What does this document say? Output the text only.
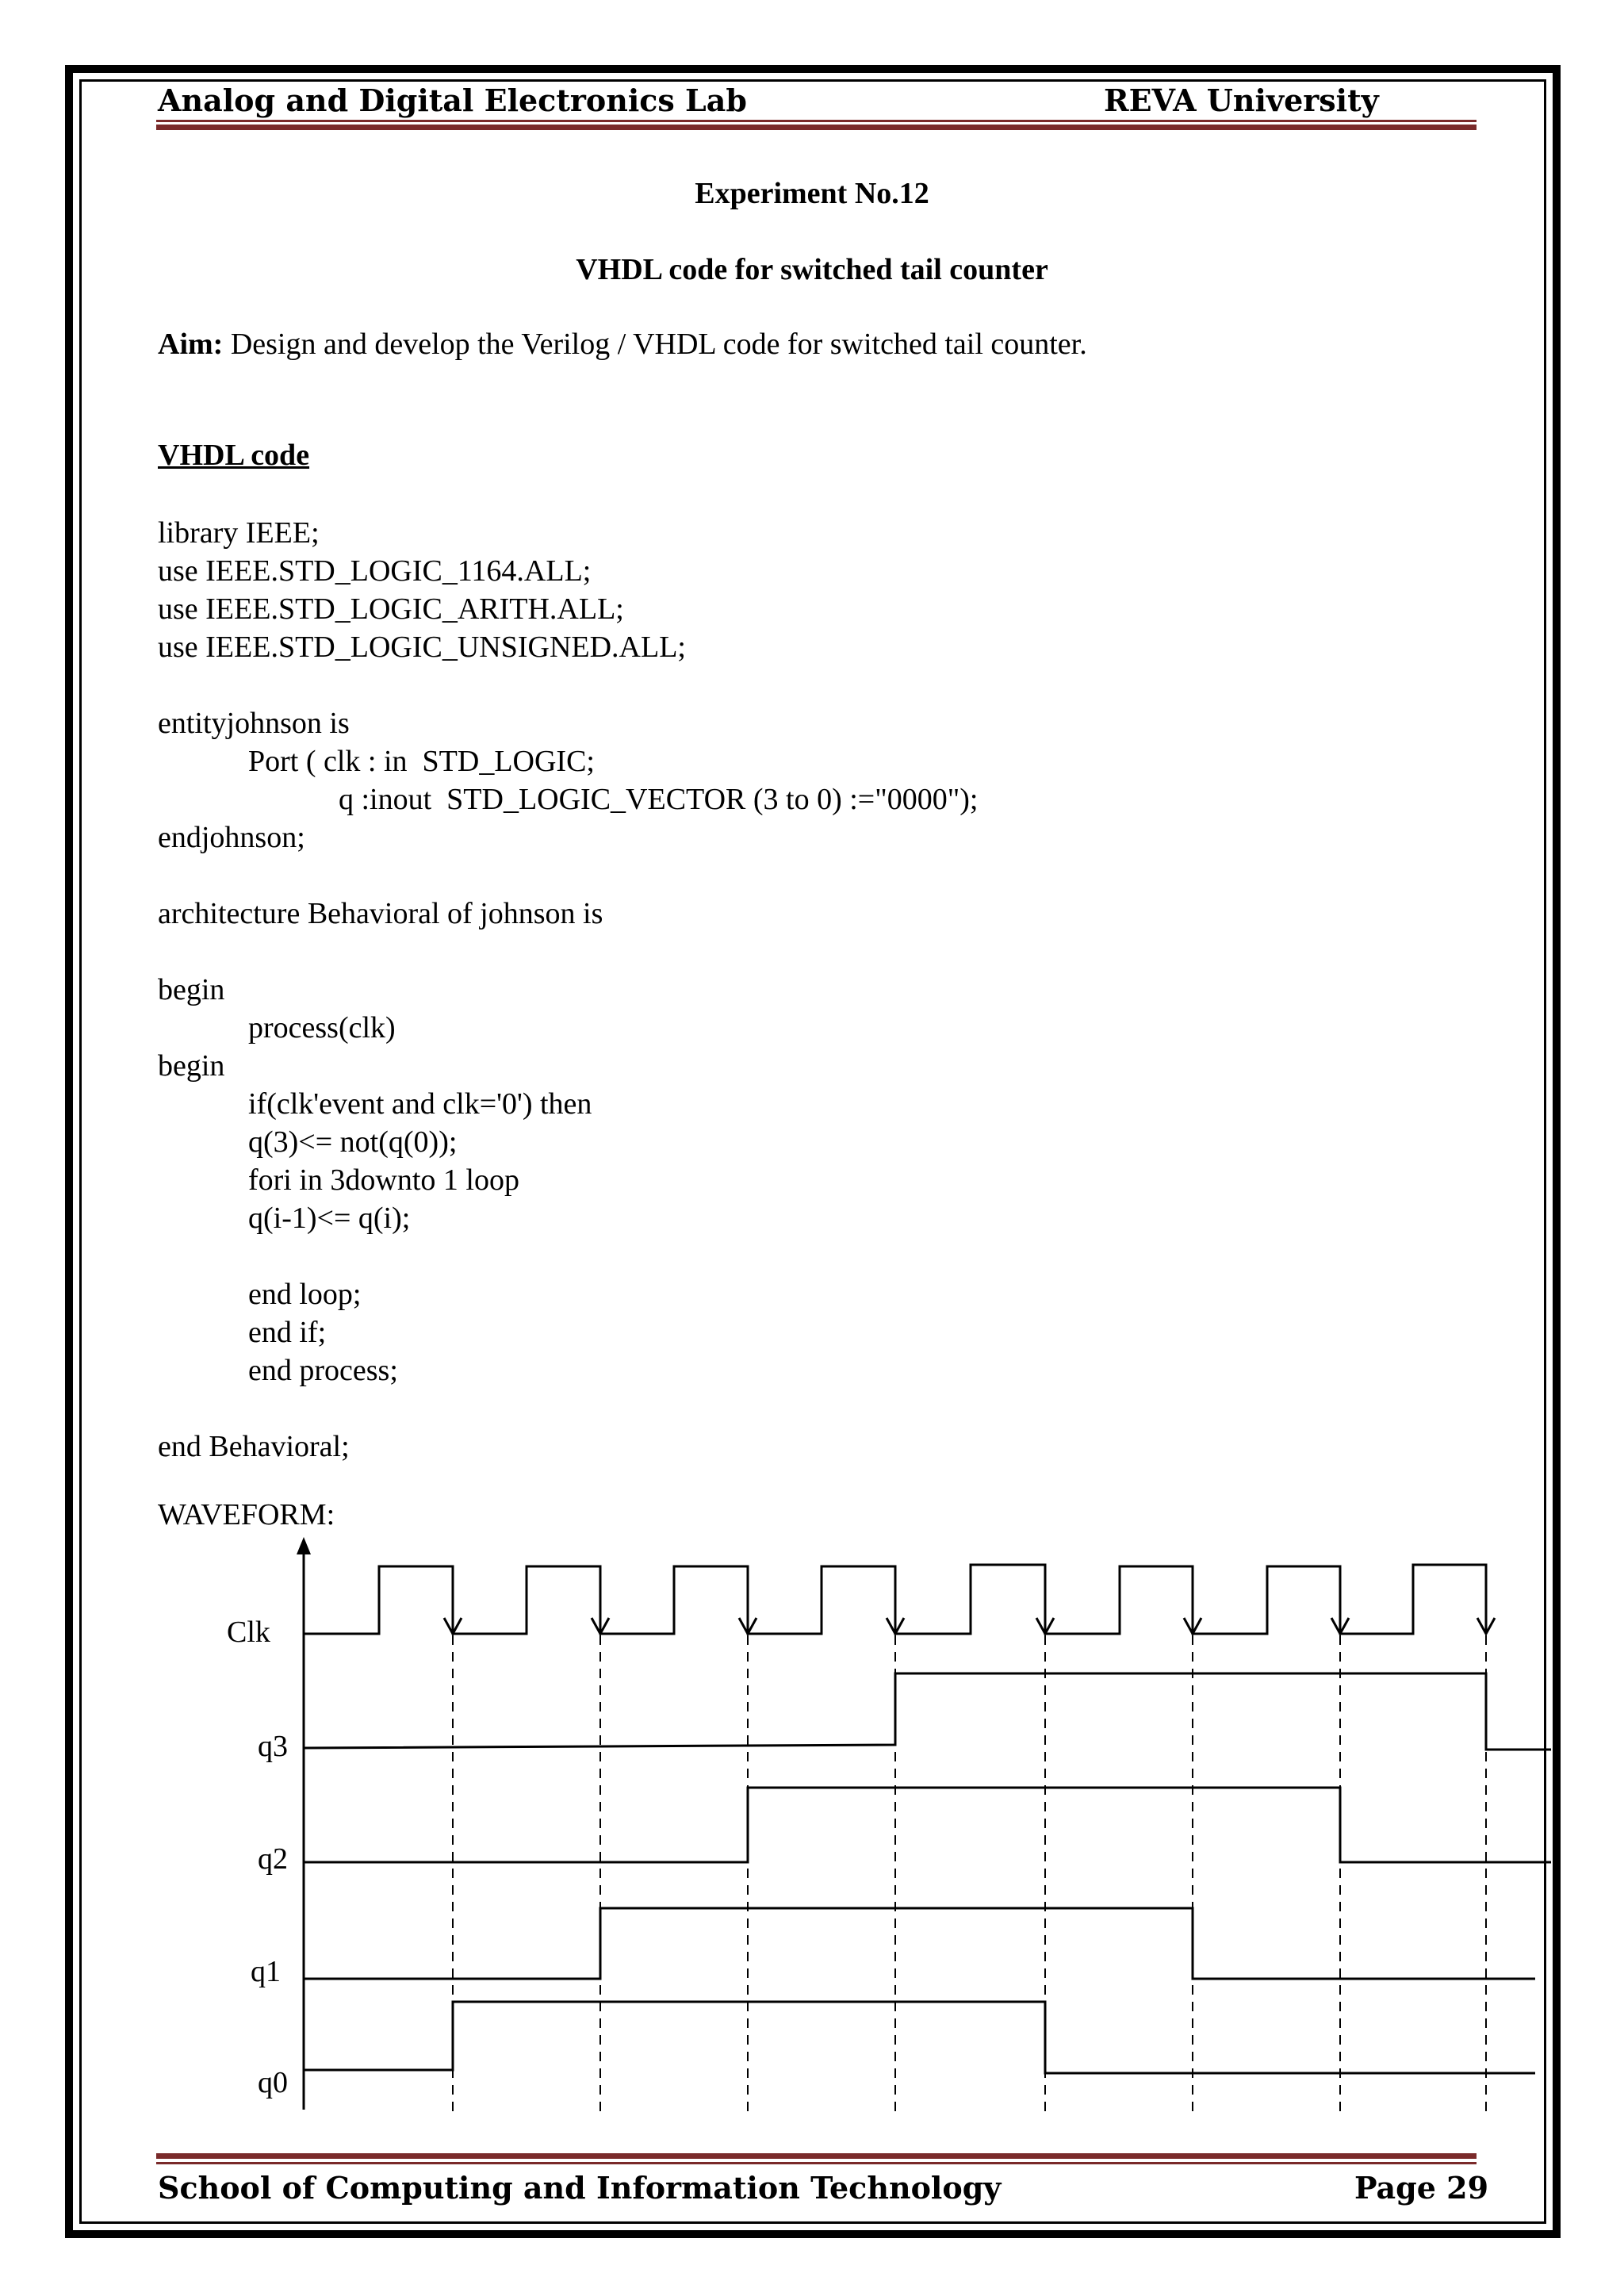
Analog and Digital Electronics Lab	REVA University
Experiment No.12
VHDL code for switched tail counter
Aim: Design and develop the Verilog / VHDL code for switched tail counter.
VHDL code
library IEEE;
use IEEE.STD_LOGIC_1164.ALL;
use IEEE.STD_LOGIC_ARITH.ALL;
use IEEE.STD_LOGIC_UNSIGNED.ALL;
entityjohnson is
Port ( clk : in  STD_LOGIC;
q :inout  STD_LOGIC_VECTOR (3 to 0) :="0000");
endjohnson;
architecture Behavioral of johnson is
begin
process(clk)
begin
if(clk'event and clk='0') then
q(3)<= not(q(0));
fori in 3downto 1 loop
q(i-1)<= q(i);
end loop;
end if;
end process;
end Behavioral;
WAVEFORM:
Clk
q3
q2
q1
q0
School of Computing and Information Technology	Page 29
